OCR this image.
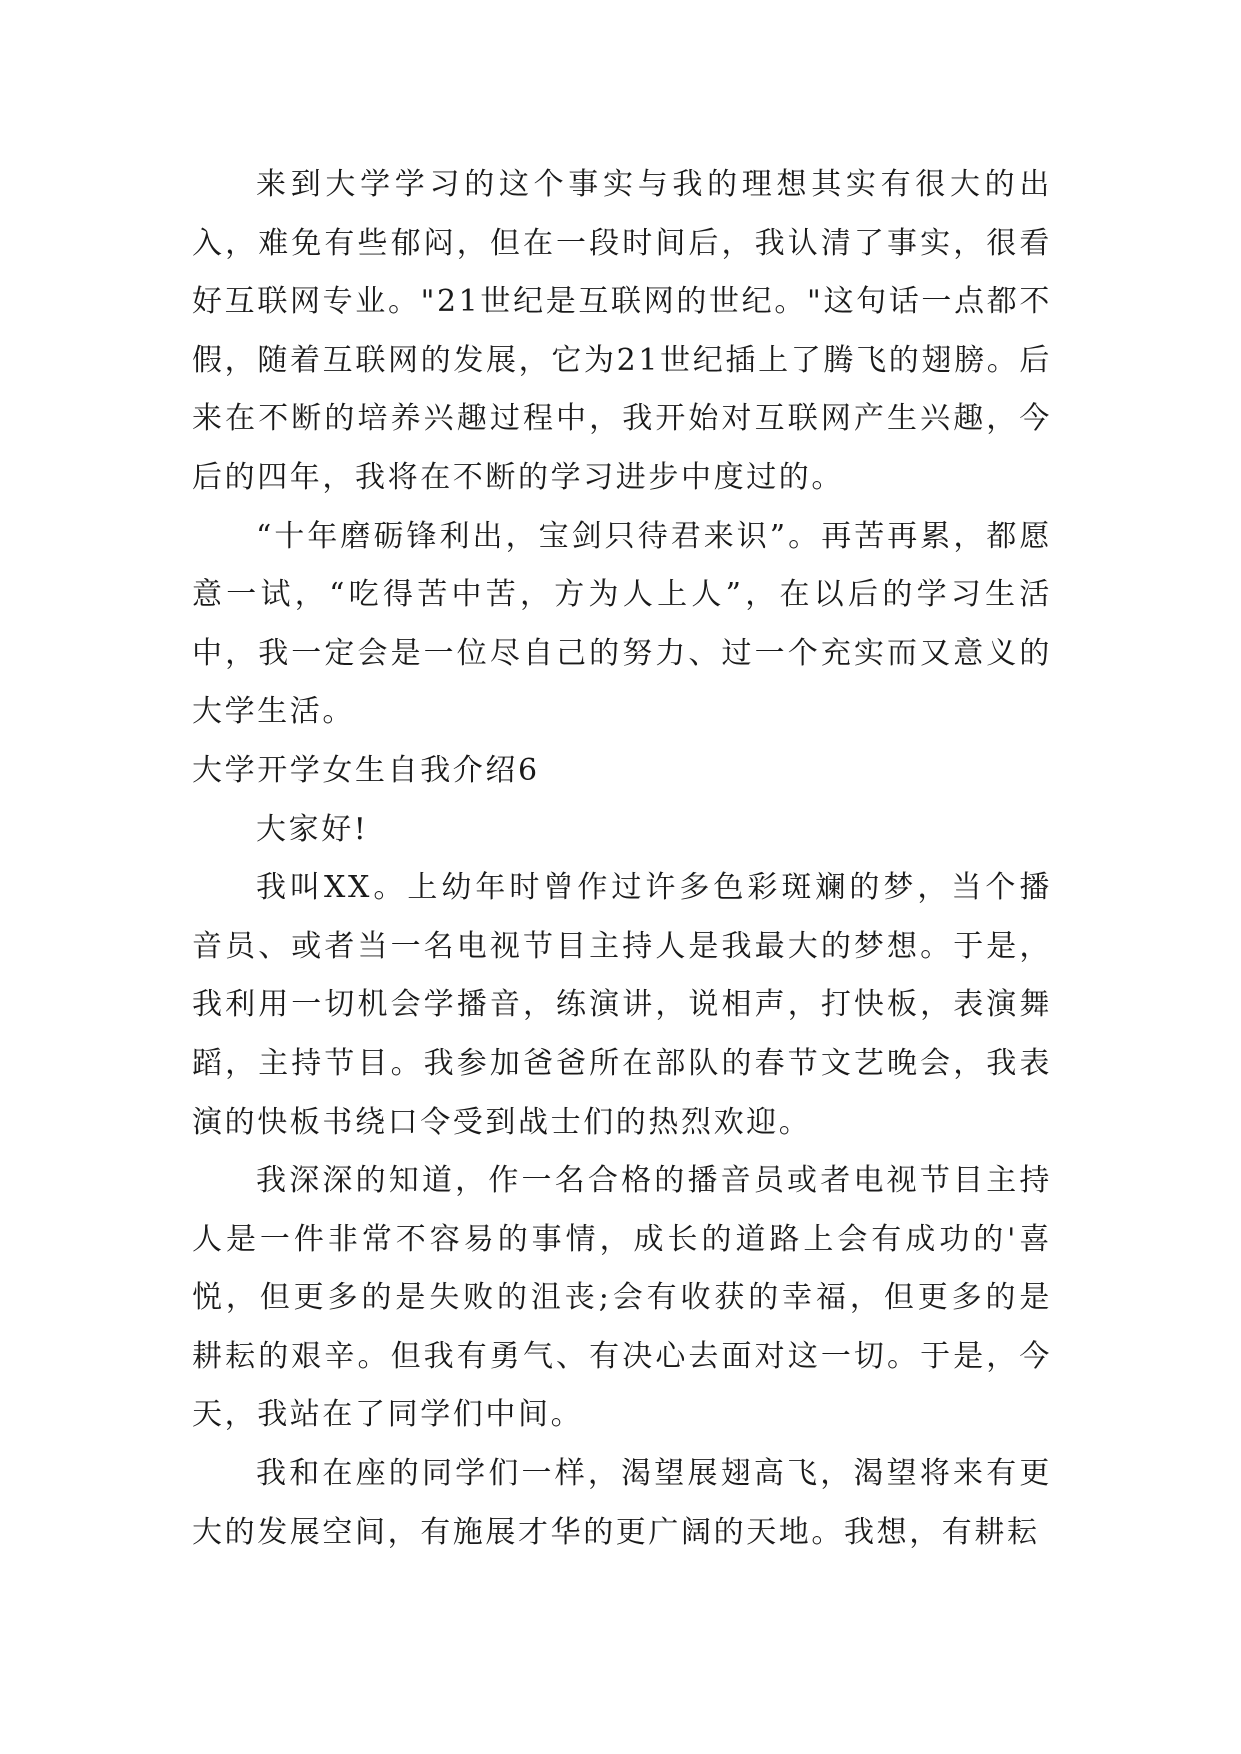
来到大学学习的这个事实与我的理想其实有很大的出入，难免有些郁闷，但在一段时间后，我认清了事实，很看好互联网专业。"21世纪是互联网的世纪。"这句话一点都不假，随着互联网的发展，它为21世纪插上了腾飞的翅膀。后来在不断的培养兴趣过程中，我开始对互联网产生兴趣，今后的四年，我将在不断的学习进步中度过的。

“十年磨砺锋利出，宝剑只待君来识”。再苦再累，都愿意一试，“吃得苦中苦，方为人上人”，在以后的学习生活中，我一定会是一位尽自己的努力、过一个充实而又意义的大学生活。

大学开学女生自我介绍6

大家好!

我叫XX。上幼年时曾作过许多色彩斑斓的梦，当个播音员、或者当一名电视节目主持人是我最大的梦想。于是，我利用一切机会学播音，练演讲，说相声，打快板，表演舞蹈，主持节目。我参加爸爸所在部队的春节文艺晚会，我表演的快板书绕口令受到战士们的热烈欢迎。

我深深的知道，作一名合格的播音员或者电视节目主持人是一件非常不容易的事情，成长的道路上会有成功的'喜悦，但更多的是失败的沮丧;会有收获的幸福，但更多的是耕耘的艰辛。但我有勇气、有决心去面对这一切。于是，今天，我站在了同学们中间。

我和在座的同学们一样，渴望展翅高飞，渴望将来有更大的发展空间，有施展才华的更广阔的天地。我想，有耕耘
